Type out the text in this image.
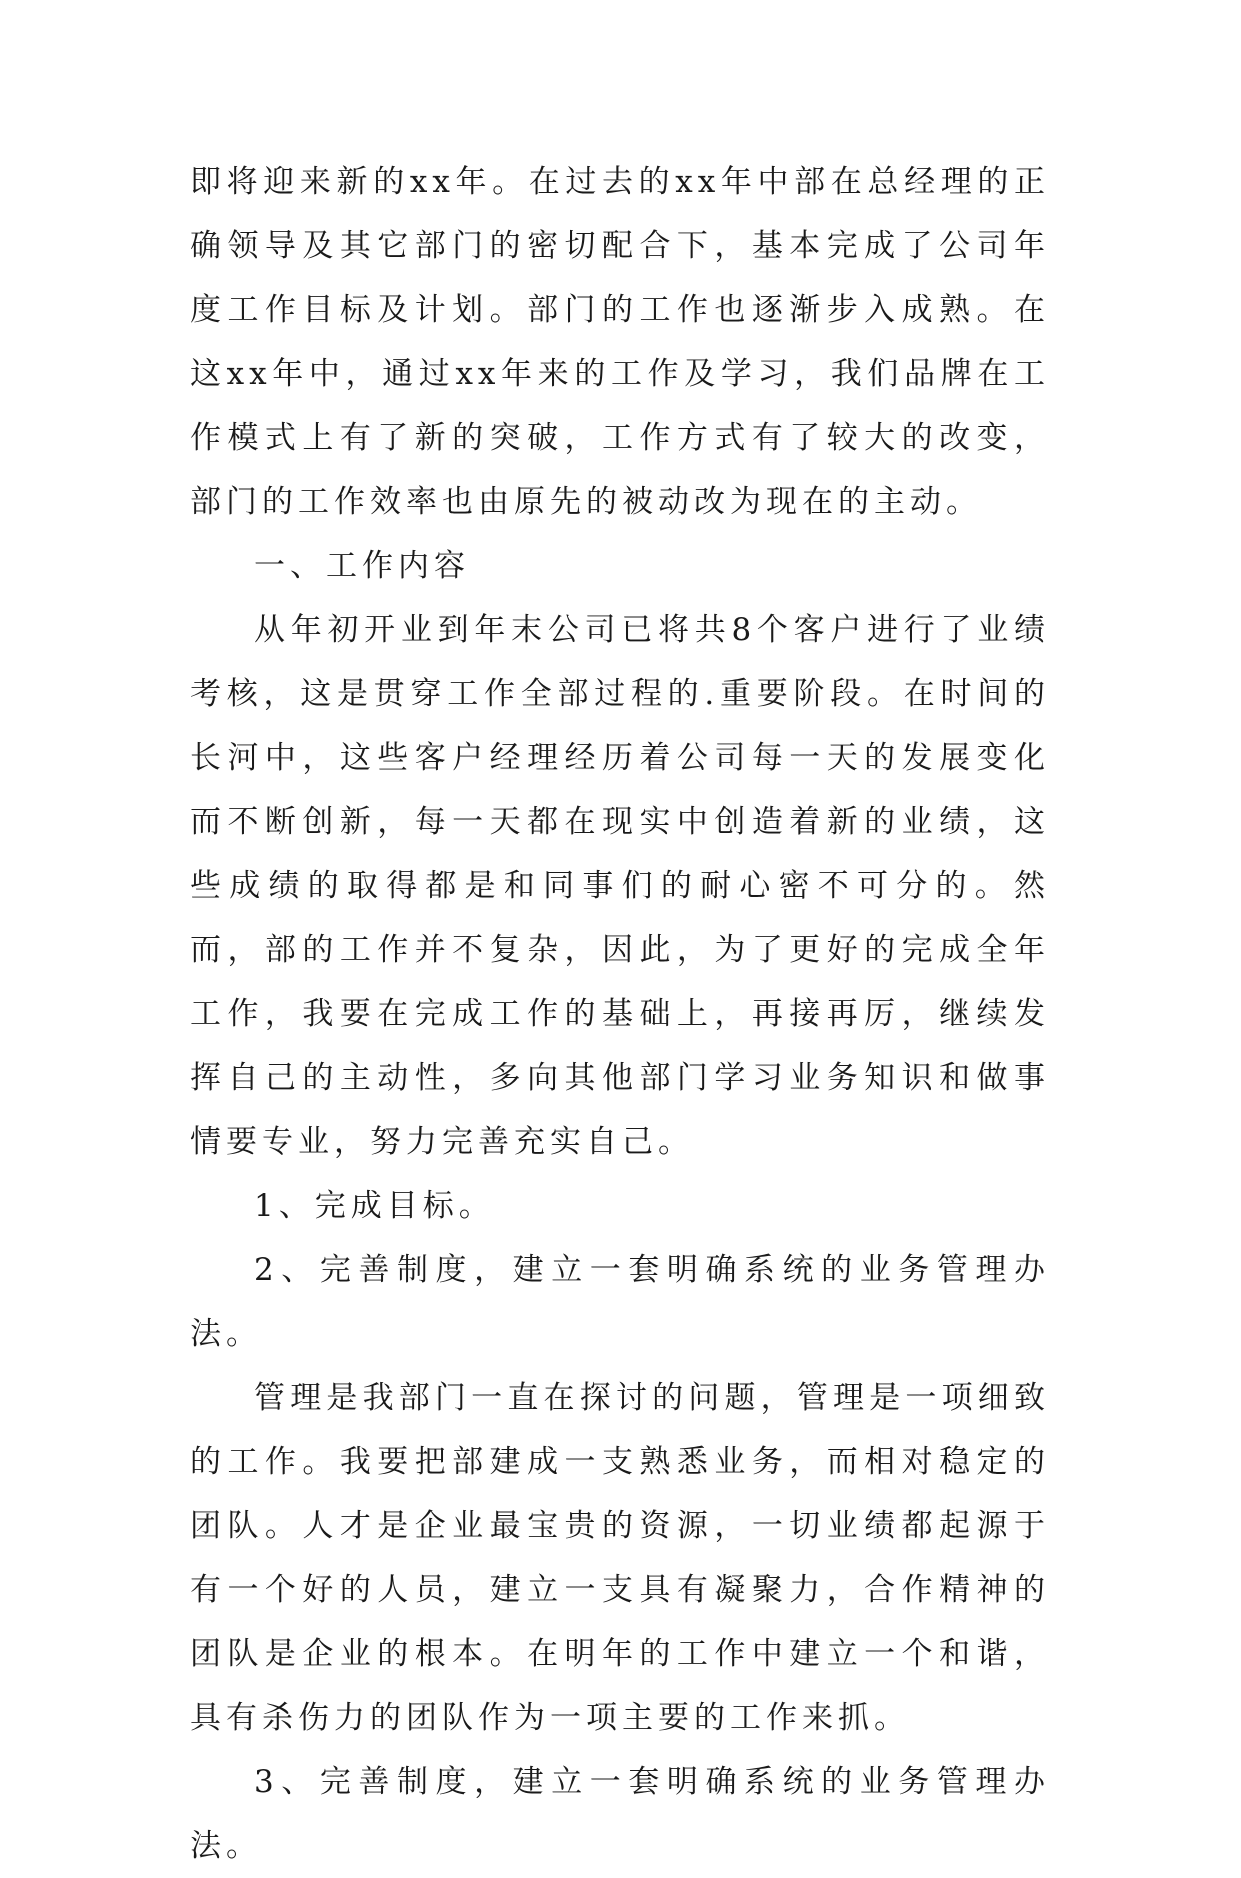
即将迎来新的xx年。在过去的xx年中部在总经理的正确领导及其它部门的密切配合下，基本完成了公司年度工作目标及计划。部门的工作也逐渐步入成熟。在这xx年中，通过xx年来的工作及学习，我们品牌在工作模式上有了新的突破，工作方式有了较大的改变，部门的工作效率也由原先的被动改为现在的主动。

一、工作内容

从年初开业到年末公司已将共8个客户进行了业绩考核，这是贯穿工作全部过程的.重要阶段。在时间的长河中，这些客户经理经历着公司每一天的发展变化而不断创新，每一天都在现实中创造着新的业绩，这些成绩的取得都是和同事们的耐心密不可分的。然而，部的工作并不复杂，因此，为了更好的完成全年工作，我要在完成工作的基础上，再接再厉，继续发挥自己的主动性，多向其他部门学习业务知识和做事情要专业，努力完善充实自己。

1、完成目标。

2、完善制度，建立一套明确系统的业务管理办法。

管理是我部门一直在探讨的问题，管理是一项细致的工作。我要把部建成一支熟悉业务，而相对稳定的团队。人才是企业最宝贵的资源，一切业绩都起源于有一个好的人员，建立一支具有凝聚力，合作精神的团队是企业的根本。在明年的工作中建立一个和谐，具有杀伤力的团队作为一项主要的工作来抓。

3、完善制度，建立一套明确系统的业务管理办法。
